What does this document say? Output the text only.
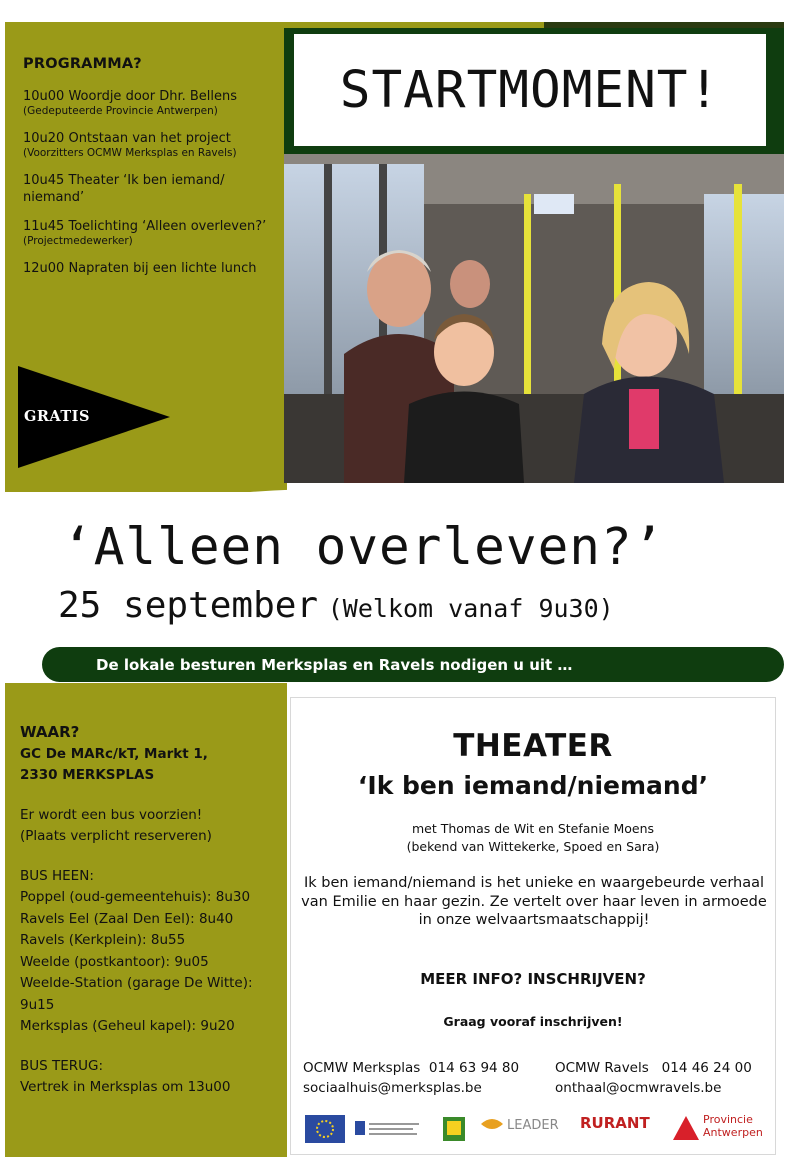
PROGRAMMA?
10u00 Woordje door Dhr. Bellens
(Gedeputeerde Provincie Antwerpen)
10u20 Ontstaan van het project
(Voorzitters OCMW Merksplas en Ravels)
10u45 Theater ‘Ik ben iemand/ niemand’
11u45 Toelichting ‘Alleen overleven?’
(Projectmedewerker)
12u00 Napraten bij een lichte lunch
GRATIS
STARTMOMENT!
‘Alleen overleven?’
25 september (Welkom vanaf 9u30)
De lokale besturen Merksplas en Ravels nodigen u uit …
WAAR?
GC De MARc/kT, Markt 1,
2330 MERKSPLAS
Er wordt een bus voorzien!
(Plaats verplicht reserveren)
BUS HEEN:
Poppel (oud-gemeentehuis): 8u30
Ravels Eel (Zaal Den Eel): 8u40
Ravels (Kerkplein): 8u55
Weelde (postkantoor): 9u05
Weelde-Station (garage De Witte):
9u15
Merksplas (Geheul kapel): 9u20
BUS TERUG:
Vertrek in Merksplas om 13u00
THEATER
‘Ik ben iemand/niemand’
met Thomas de Wit en Stefanie Moens
(bekend van Wittekerke, Spoed en Sara)
Ik ben iemand/niemand is het unieke en waargebeurde verhaal van Emilie en haar gezin. Ze vertelt over haar leven in armoede in onze welvaartsmaatschappij!
MEER INFO? INSCHRIJVEN?
Graag vooraf inschrijven!
OCMW Merksplas 014 63 94 80
sociaalhuis@merksplas.be
OCMW Ravels 014 46 24 00
onthaal@ocmwravels.be
LEADER RURANT	Provincie
Antwerpen
